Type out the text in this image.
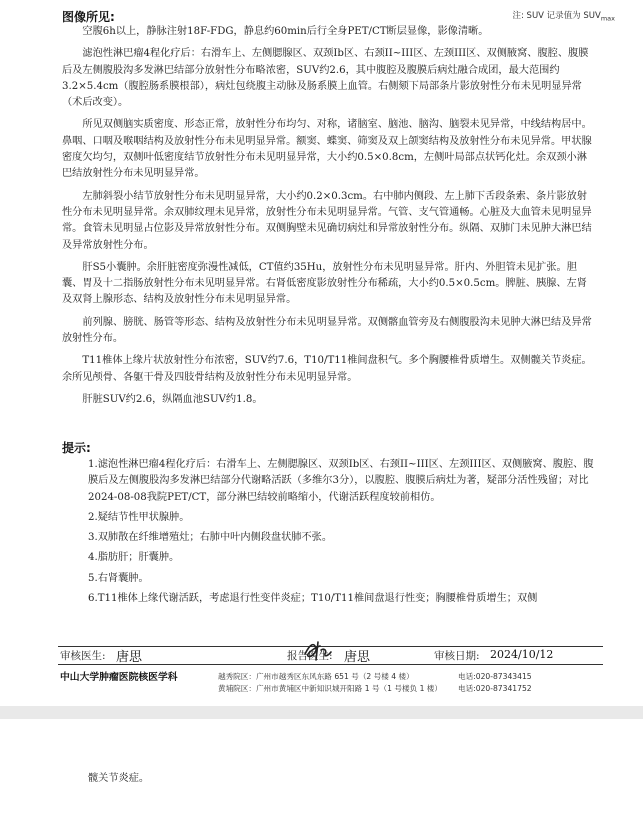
图像所见:	注: SUV 记录值为 $SUV_{max}$

空腹6h以上，静脉注射18F-FDG，静息约60min后行全身PET/CT断层显像，影像清晰。

滤泡性淋巴瘤4程化疗后：右滑车上、左侧腮腺区、双颈Ib区、右颈II~III区、左颈III区、双侧腋窝、腹腔、腹膜后及左侧腹股沟多发淋巴结部分放射性分布略浓密，SUV约2.6，其中腹腔及腹膜后病灶融合成团，最大范围约3.2×5.4cm（腹腔肠系膜根部），病灶包绕腹主动脉及肠系膜上血管。右侧颏下局部条片影放射性分布未见明显异常（术后改变）。

所见双侧脑实质密度、形态正常，放射性分布均匀、对称，诸脑室、脑池、脑沟、脑裂未见异常，中线结构居中。鼻咽、口咽及喉咽结构及放射性分布未见明显异常。额窦、蝶窦、筛窦及双上颌窦结构及放射性分布未见异常。甲状腺密度欠均匀，双侧叶低密度结节放射性分布未见明显异常，大小约0.5×0.8cm，左侧叶局部点状钙化灶。余双颈小淋巴结放射性分布未见明显异常。

左肺斜裂小结节放射性分布未见明显异常，大小约0.2×0.3cm。右中肺内侧段、左上肺下舌段条索、条片影放射性分布未见明显异常。余双肺纹理未见异常，放射性分布未见明显异常。气管、支气管通畅。心脏及大血管未见明显异常。食管未见明显占位影及异常放射性分布。双侧胸壁未见确切病灶和异常放射性分布。纵隔、双肺门未见肿大淋巴结及异常放射性分布。

肝S5小囊肿。余肝脏密度弥漫性减低，CT值约35Hu，放射性分布未见明显异常。肝内、外胆管未见扩张。胆囊、胃及十二指肠放射性分布未见明显异常。右肾低密度影放射性分布稀疏，大小约0.5×0.5cm。脾脏、胰腺、左肾及双肾上腺形态、结构及放射性分布未见明显异常。

前列腺、膀胱、肠管等形态、结构及放射性分布未见明显异常。双侧髂血管旁及右侧腹股沟未见肿大淋巴结及异常放射性分布。

T11椎体上缘片状放射性分布浓密，SUV约7.6，T10/T11椎间盘积气。多个胸腰椎骨质增生。双侧髋关节炎症。余所见颅骨、各躯干骨及四肢骨结构及放射性分布未见明显异常。

肝脏SUV约2.6，纵隔血池SUV约1.8。

提示:
1.滤泡性淋巴瘤4程化疗后：右滑车上、左侧腮腺区、双颈Ib区、右颈II~III区、左颈III区、双侧腋窝、腹腔、腹膜后及左侧腹股沟多发淋巴结部分代谢略活跃（多维尔3分），以腹腔、腹膜后病灶为著，疑部分活性残留；对比2024-08-08我院PET/CT，部分淋巴结较前略缩小，代谢活跃程度较前相仿。
2.疑结节性甲状腺肿。
3.双肺散在纤维增殖灶；右肺中叶内侧段盘状肺不张。
4.脂肪肝；肝囊肿。
5.右肾囊肿。
6.T11椎体上缘代谢活跃，考虑退行性变伴炎症；T10/T11椎间盘退行性变；胸腰椎骨质增生；双侧
审核医生: 唐思	报告医生: 唐思	审核日期: 2024/10/12
中山大学肿瘤医院核医学科	越秀院区：广州市越秀区东风东路 651 号（2 号楼 4 楼）	电话:020-87343415
黄埔院区：广州市黄埔区中新知识城开阳路 1 号（1 号楼负 1 楼） 电话:020-87341752
髋关节炎症。
